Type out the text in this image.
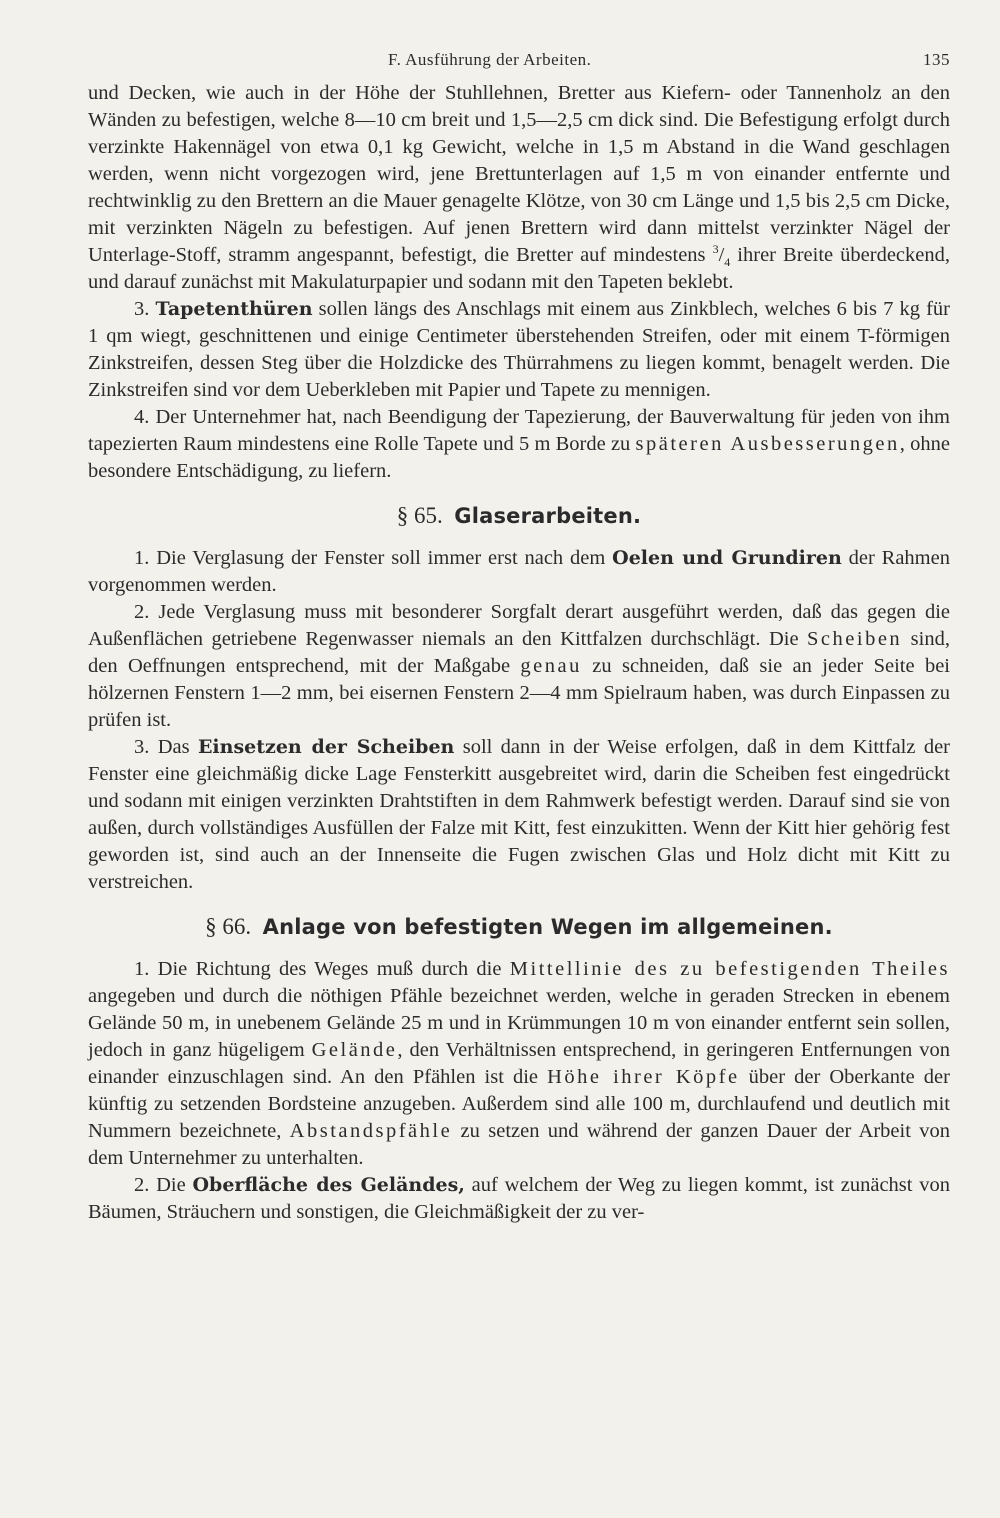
F. Ausführung der Arbeiten.	135

und Decken, wie auch in der Höhe der Stuhllehnen, Bretter aus Kiefern- oder Tannenholz an den Wänden zu befestigen, welche 8—10 cm breit und 1,5—2,5 cm dick sind. Die Befestigung erfolgt durch verzinkte Hakennägel von etwa 0,1 kg Gewicht, welche in 1,5 m Abstand in die Wand geschlagen werden, wenn nicht vorgezogen wird, jene Brettunterlagen auf 1,5 m von einander entfernte und rechtwinklig zu den Brettern an die Mauer genagelte Klötze, von 30 cm Länge und 1,5 bis 2,5 cm Dicke, mit verzinkten Nägeln zu befestigen. Auf jenen Brettern wird dann mittelst verzinkter Nägel der Unterlage-Stoff, stramm angespannt, befestigt, die Bretter auf mindestens $^3/_4$ ihrer Breite überdeckend, und darauf zunächst mit Makulaturpapier und sodann mit den Tapeten beklebt.

3. Tapetenthüren sollen längs des Anschlags mit einem aus Zinkblech, welches 6 bis 7 kg für 1 qm wiegt, geschnittenen und einige Centimeter überstehenden Streifen, oder mit einem T-förmigen Zinkstreifen, dessen Steg über die Holzdicke des Thürrahmens zu liegen kommt, benagelt werden. Die Zinkstreifen sind vor dem Ueberkleben mit Papier und Tapete zu mennigen.

4. Der Unternehmer hat, nach Beendigung der Tapezierung, der Bauverwaltung für jeden von ihm tapezierten Raum mindestens eine Rolle Tapete und 5 m Borde zu späteren Ausbesserungen, ohne besondere Entschädigung, zu liefern.

§ 65. Glaserarbeiten.

1. Die Verglasung der Fenster soll immer erst nach dem Oelen und Grundiren der Rahmen vorgenommen werden.

2. Jede Verglasung muss mit besonderer Sorgfalt derart ausgeführt werden, daß das gegen die Außenflächen getriebene Regenwasser niemals an den Kittfalzen durchschlägt. Die Scheiben sind, den Oeffnungen entsprechend, mit der Maßgabe genau zu schneiden, daß sie an jeder Seite bei hölzernen Fenstern 1—2 mm, bei eisernen Fenstern 2—4 mm Spielraum haben, was durch Einpassen zu prüfen ist.

3. Das Einsetzen der Scheiben soll dann in der Weise erfolgen, daß in dem Kittfalz der Fenster eine gleichmäßig dicke Lage Fensterkitt ausgebreitet wird, darin die Scheiben fest eingedrückt und sodann mit einigen verzinkten Drahtstiften in dem Rahmwerk befestigt werden. Darauf sind sie von außen, durch vollständiges Ausfüllen der Falze mit Kitt, fest einzukitten. Wenn der Kitt hier gehörig fest geworden ist, sind auch an der Innenseite die Fugen zwischen Glas und Holz dicht mit Kitt zu verstreichen.

§ 66. Anlage von befestigten Wegen im allgemeinen.

1. Die Richtung des Weges muß durch die Mittellinie des zu befestigenden Theiles angegeben und durch die nöthigen Pfähle bezeichnet werden, welche in geraden Strecken in ebenem Gelände 50 m, in unebenem Gelände 25 m und in Krümmungen 10 m von einander entfernt sein sollen, jedoch in ganz hügeligem Gelände, den Verhältnissen entsprechend, in geringeren Entfernungen von einander einzuschlagen sind. An den Pfählen ist die Höhe ihrer Köpfe über der Oberkante der künftig zu setzenden Bordsteine anzugeben. Außerdem sind alle 100 m, durchlaufend und deutlich mit Nummern bezeichnete, Abstandspfähle zu setzen und während der ganzen Dauer der Arbeit von dem Unternehmer zu unterhalten.

2. Die Oberfläche des Geländes, auf welchem der Weg zu liegen kommt, ist zunächst von Bäumen, Sträuchern und sonstigen, die Gleichmäßigkeit der zu ver-
